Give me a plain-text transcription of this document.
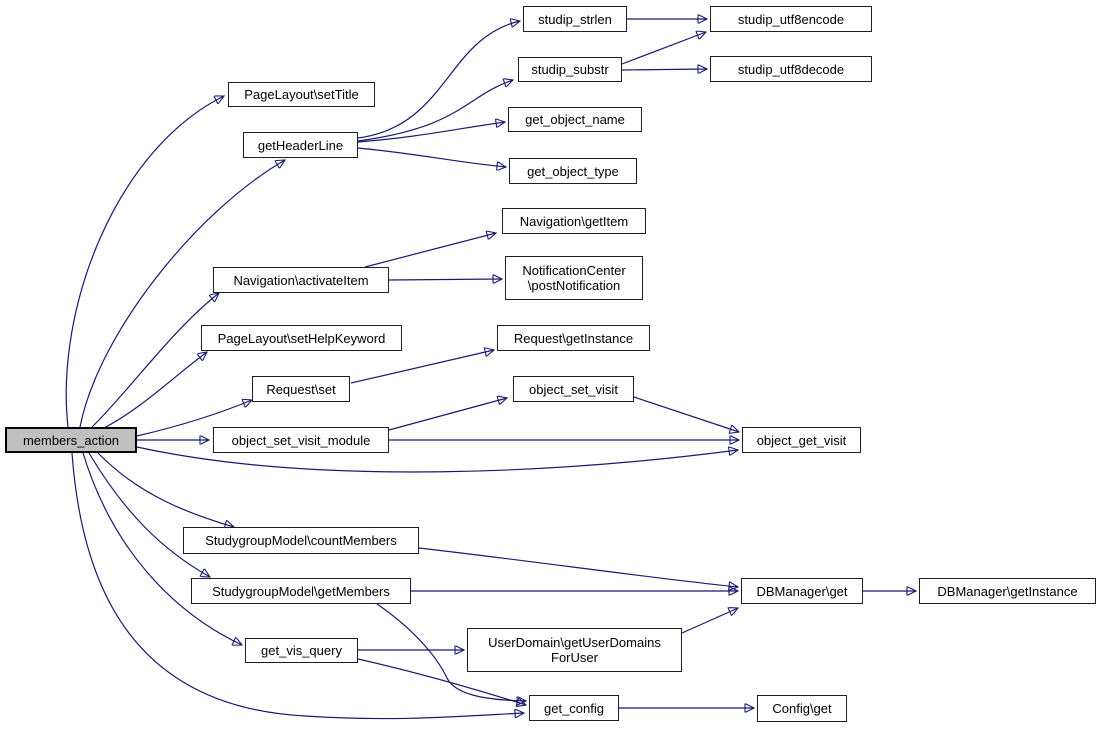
members_action
PageLayout\setTitle
getHeaderLine
studip_strlen	studip_utf8encode
studip_substr	studip_utf8decode
get_object_name
get_object_type
Navigation\getItem
NotificationCenter
\postNotification
Navigation\activateItem
PageLayout\setHelpKeyword	Request\getInstance
Request\set	object_set_visit
object_set_visit_module	object_get_visit
StudygroupModel\countMembers
StudygroupModel\getMembers	DBManager\get	DBManager\getInstance
get_vis_query
UserDomain\getUserDomains
ForUser
get_config	Config\get
